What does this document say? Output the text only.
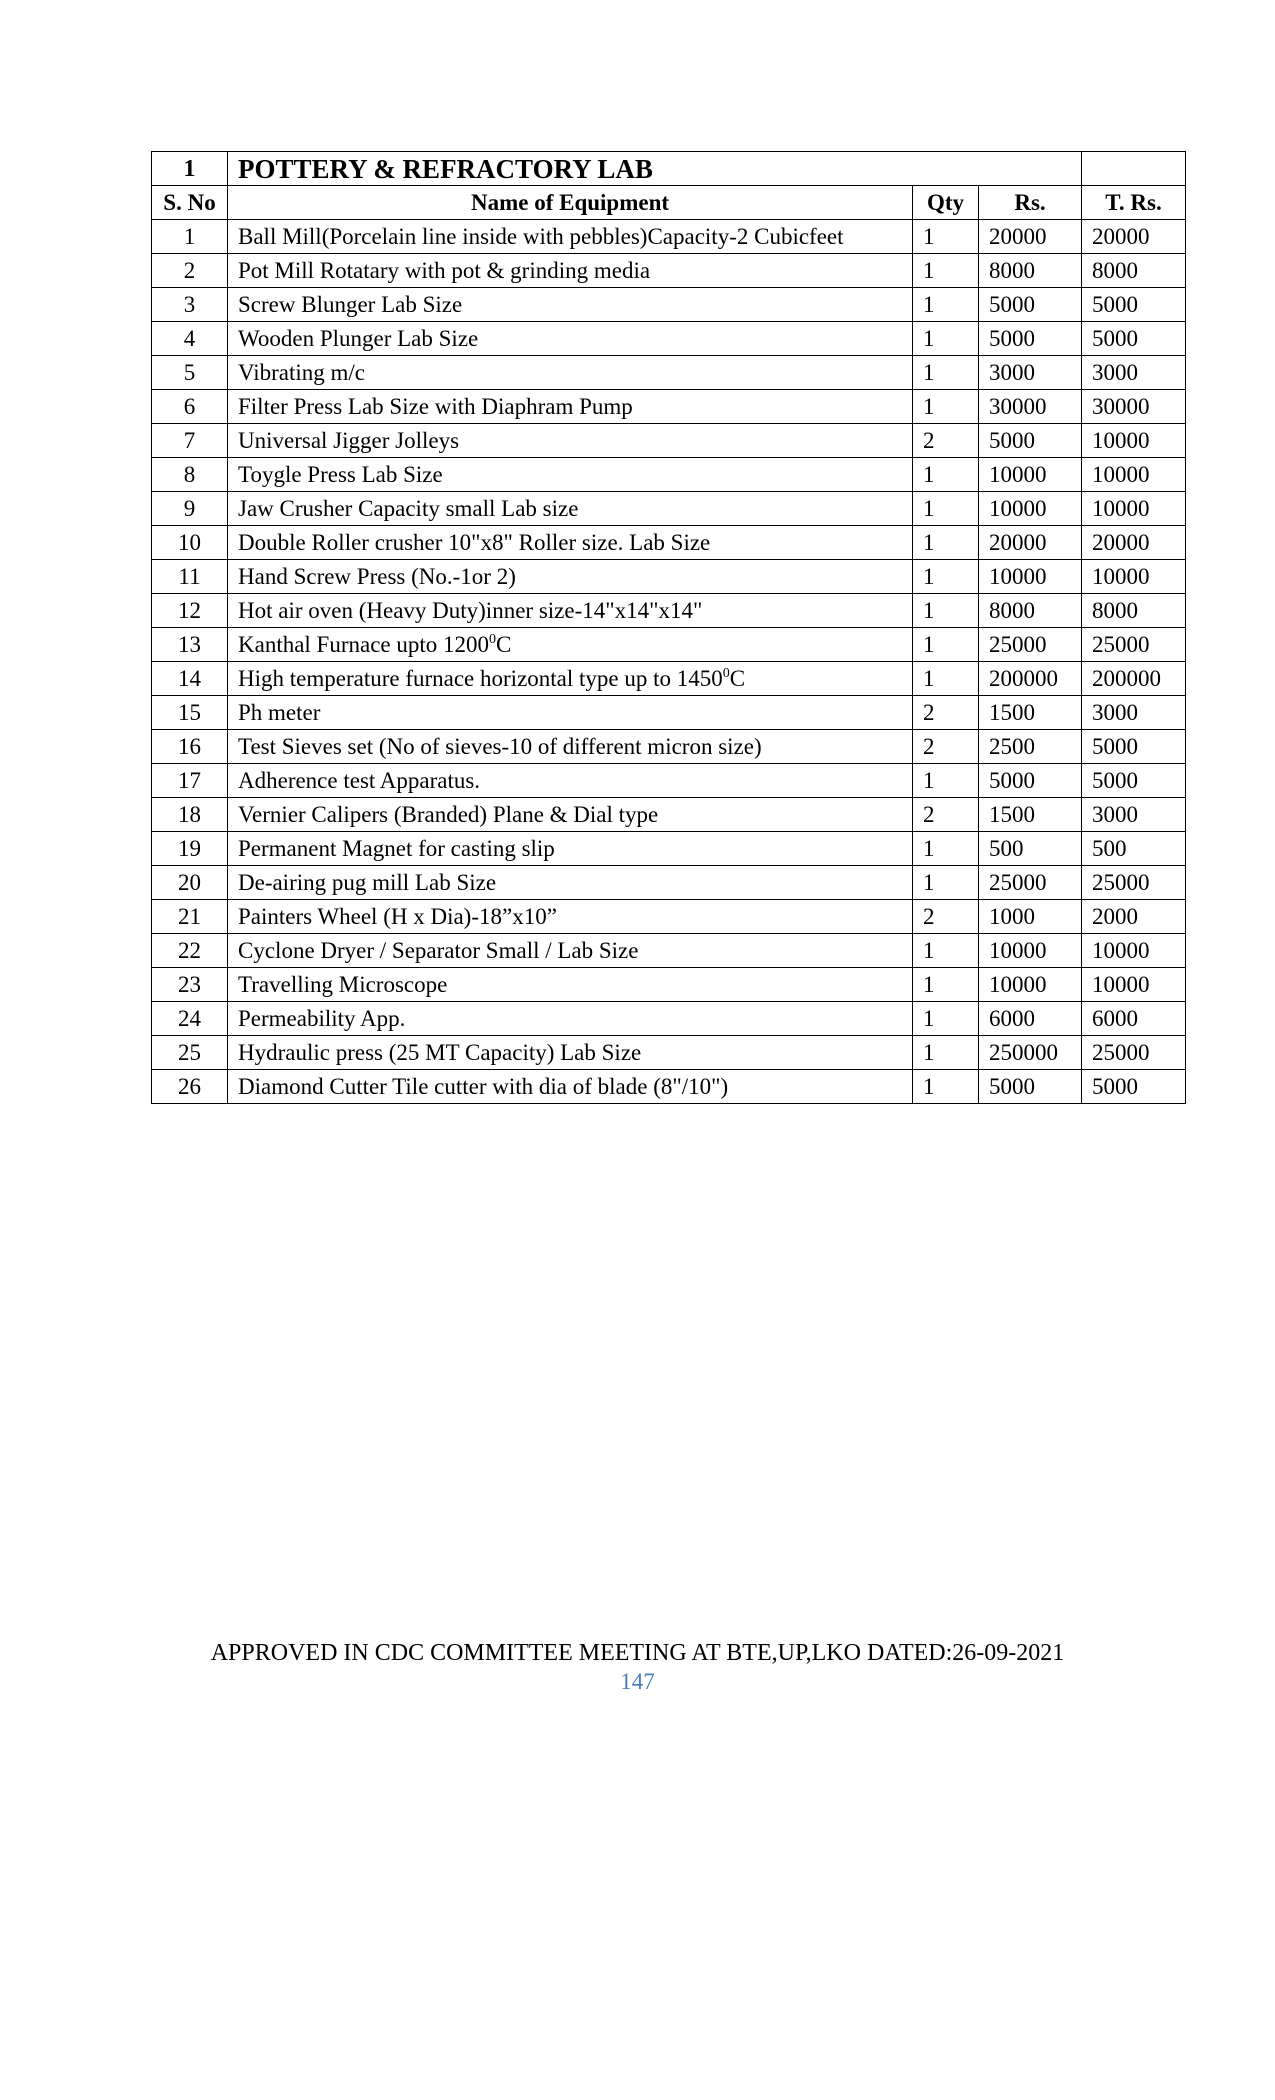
1	POTTERY & REFRACTORY LAB			
S. No	Name of Equipment	Qty	Rs.	T. Rs.
1	Ball Mill(Porcelain line inside with pebbles)Capacity-2 Cubicfeet	1	20000	20000
2	Pot Mill Rotatary with pot & grinding media	1	8000	8000
3	Screw Blunger Lab Size	1	5000	5000
4	Wooden Plunger Lab Size	1	5000	5000
5	Vibrating m/c	1	3000	3000
6	Filter Press Lab Size with Diaphram Pump	1	30000	30000
7	Universal Jigger Jolleys	2	5000	10000
8	Toygle Press Lab Size	1	10000	10000
9	Jaw Crusher Capacity small Lab size	1	10000	10000
10	Double Roller crusher 10"x8" Roller size. Lab Size	1	20000	20000
11	Hand Screw Press (No.-1or 2)	1	10000	10000
12	Hot air oven (Heavy Duty)inner size-14"x14"x14"	1	8000	8000
13	Kanthal Furnace upto 1200$^0$C	1	25000	25000
14	High temperature furnace horizontal type up to 1450$^0$C	1	200000	200000
15	Ph meter	2	1500	3000
16	Test Sieves set (No of sieves-10 of different micron size)	2	2500	5000
17	Adherence test Apparatus.	1	5000	5000
18	Vernier Calipers (Branded) Plane & Dial type	2	1500	3000
19	Permanent Magnet for casting slip	1	500	500
20	De-airing pug mill Lab Size	1	25000	25000
21	Painters Wheel (H x Dia)-18”x10”	2	1000	2000
22	Cyclone Dryer / Separator Small / Lab Size	1	10000	10000
23	Travelling Microscope	1	10000	10000
24	Permeability App.	1	6000	6000
25	Hydraulic press (25 MT Capacity) Lab Size	1	250000	25000
26	Diamond Cutter Tile cutter with dia of blade (8"/10")	1	5000	5000
APPROVED IN CDC COMMITTEE MEETING AT BTE,UP,LKO DATED:26-09-2021
147
